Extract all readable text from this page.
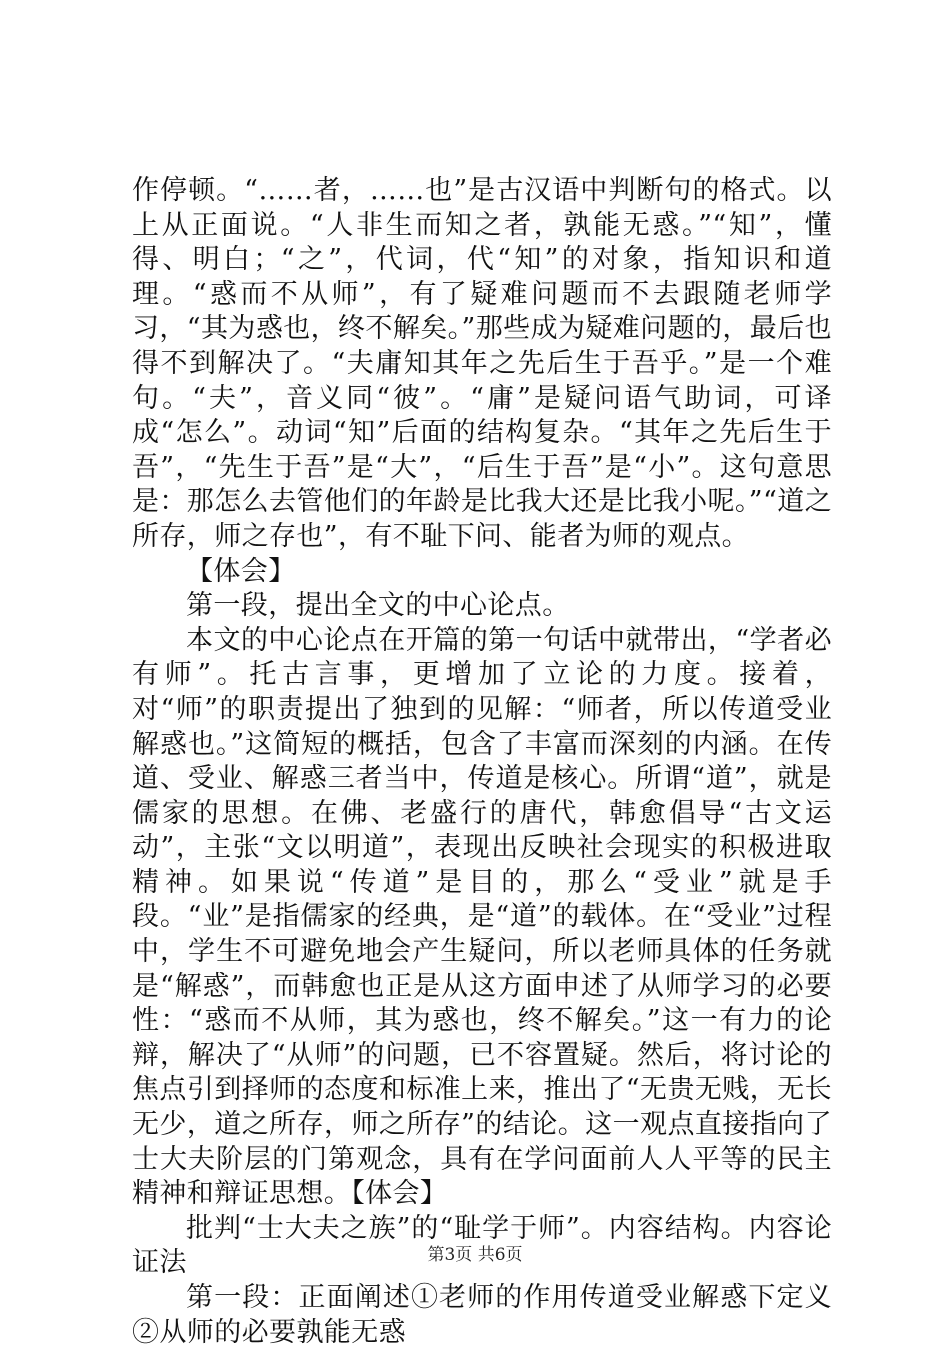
作停顿。“……者，……也”是古汉语中判断句的格式。以上从正面说。“人非生而知之者，孰能无惑。”“知”，懂得、明白；“之”，代词，代“知”的对象，指知识和道理。“惑而不从师”，有了疑难问题而不去跟随老师学习，“其为惑也，终不解矣。”那些成为疑难问题的，最后也得不到解决了。“夫庸知其年之先后生于吾乎。”是一个难句。“夫”，音义同“彼”。“庸”是疑问语气助词，可译成“怎么”。动词“知”后面的结构复杂。“其年之先后生于吾”，“先生于吾”是“大”，“后生于吾”是“小”。这句意思是：那怎么去管他们的年龄是比我大还是比我小呢。”“道之所存，师之存也”，有不耻下问、能者为师的观点。

【体会】

第一段，提出全文的中心论点。

本文的中心论点在开篇的第一句话中就带出，“学者必有师”。托古言事，更增加了立论的力度。接着，对“师”的职责提出了独到的见解：“师者，所以传道受业解惑也。”这简短的概括，包含了丰富而深刻的内涵。在传道、受业、解惑三者当中，传道是核心。所谓“道”，就是儒家的思想。在佛、老盛行的唐代，韩愈倡导“古文运动”，主张“文以明道”，表现出反映社会现实的积极进取精神。如果说“传道”是目的，那么“受业”就是手段。“业”是指儒家的经典，是“道”的载体。在“受业”过程中，学生不可避免地会产生疑问，所以老师具体的任务就是“解惑”，而韩愈也正是从这方面申述了从师学习的必要性：“惑而不从师，其为惑也，终不解矣。”这一有力的论辩，解决了“从师”的问题，已不容置疑。然后，将讨论的焦点引到择师的态度和标准上来，推出了“无贵无贱，无长无少，道之所存，师之所存”的结论。这一观点直接指向了士大夫阶层的门第观念，具有在学问面前人人平等的民主精神和辩证思想。【体会】

批判“士大夫之族”的“耻学于师”。内容结构。内容论证法

第一段：正面阐述①老师的作用传道受业解惑下定义②从师的必要孰能无惑

第3页 共6页
